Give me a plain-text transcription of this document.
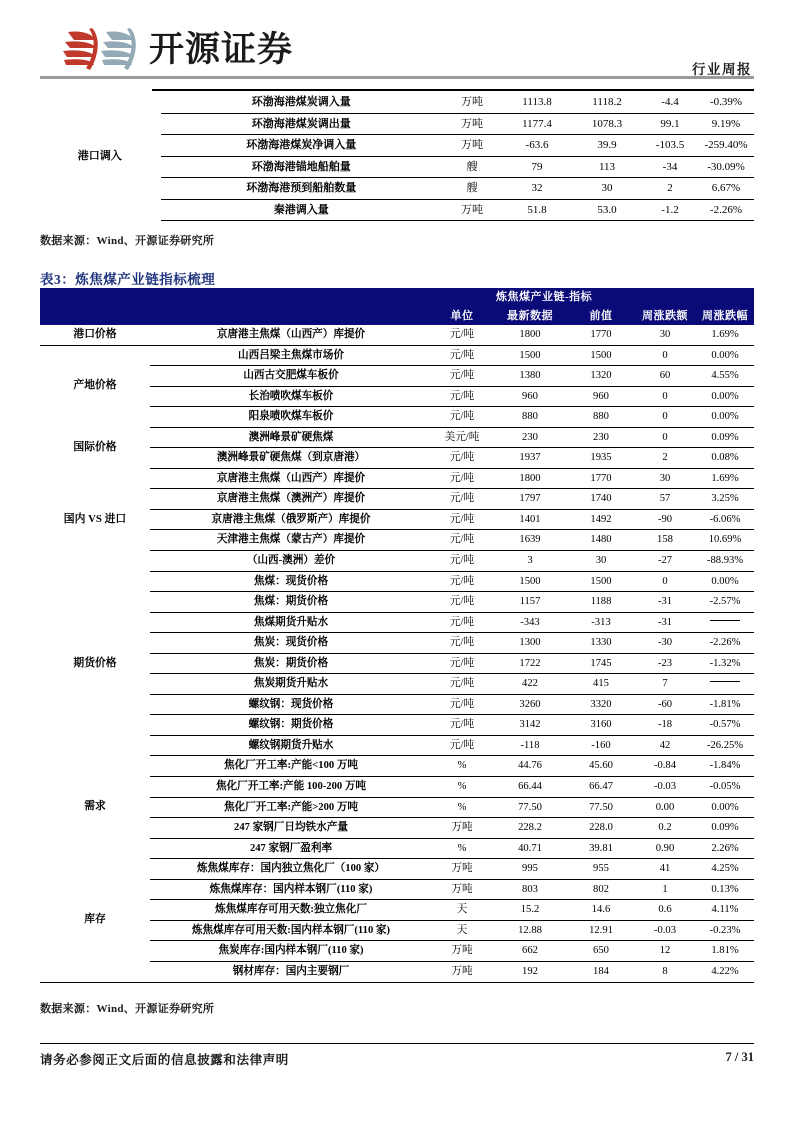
开源证券	行业周报
港口调入	环渤海港煤炭调入量	万吨	1113.8	1118.2	-4.4	-0.39%
	环渤海港煤炭调出量	万吨	1177.4	1078.3	99.1	9.19%
	环渤海港煤炭净调入量	万吨	-63.6	39.9	-103.5	-259.40%
	环渤海港锚地船舶量	艘	79	113	-34	-30.09%
	环渤海港预到船舶数量	艘	32	30	2	6.67%
	秦港调入量	万吨	51.8	53.0	-1.2	-2.26%
数据来源：Wind、开源证券研究所
表3：炼焦煤产业链指标梳理
			炼焦煤产业链-指标			
		单位	最新数据	前值	周涨跌额	周涨跌幅
港口价格	京唐港主焦煤（山西产）库提价	元/吨	1800	1770	30	1.69%
产地价格	山西吕梁主焦煤市场价	元/吨	1500	1500	0	0.00%
	山西古交肥煤车板价	元/吨	1380	1320	60	4.55%
	长治喷吹煤车板价	元/吨	960	960	0	0.00%
	阳泉喷吹煤车板价	元/吨	880	880	0	0.00%
国际价格	澳洲峰景矿硬焦煤	美元/吨	230	230	0	0.09%
	澳洲峰景矿硬焦煤（到京唐港）	元/吨	1937	1935	2	0.08%
国内 VS 进口	京唐港主焦煤（山西产）库提价	元/吨	1800	1770	30	1.69%
	京唐港主焦煤（澳洲产）库提价	元/吨	1797	1740	57	3.25%
	京唐港主焦煤（俄罗斯产）库提价	元/吨	1401	1492	-90	-6.06%
	天津港主焦煤（蒙古产）库提价	元/吨	1639	1480	158	10.69%
	（山西-澳洲）差价	元/吨	3	30	-27	-88.93%
期货价格	焦煤：现货价格	元/吨	1500	1500	0	0.00%
	焦煤：期货价格	元/吨	1157	1188	-31	-2.57%
	焦煤期货升贴水	元/吨	-343	-313	-31	
	焦炭：现货价格	元/吨	1300	1330	-30	-2.26%
	焦炭：期货价格	元/吨	1722	1745	-23	-1.32%
	焦炭期货升贴水	元/吨	422	415	7	
	螺纹钢：现货价格	元/吨	3260	3320	-60	-1.81%
	螺纹钢：期货价格	元/吨	3142	3160	-18	-0.57%
	螺纹钢期货升贴水	元/吨	-118	-160	42	-26.25%
需求	焦化厂开工率:产能<100 万吨	%	44.76	45.60	-0.84	-1.84%
	焦化厂开工率:产能 100-200 万吨	%	66.44	66.47	-0.03	-0.05%
	焦化厂开工率:产能>200 万吨	%	77.50	77.50	0.00	0.00%
	247 家钢厂日均铁水产量	万吨	228.2	228.0	0.2	0.09%
	247 家钢厂盈利率	%	40.71	39.81	0.90	2.26%
库存	炼焦煤库存：国内独立焦化厂（100 家）	万吨	995	955	41	4.25%
	炼焦煤库存：国内样本钢厂(110 家)	万吨	803	802	1	0.13%
	炼焦煤库存可用天数:独立焦化厂	天	15.2	14.6	0.6	4.11%
	炼焦煤库存可用天数:国内样本钢厂(110 家)	天	12.88	12.91	-0.03	-0.23%
	焦炭库存:国内样本钢厂(110 家)	万吨	662	650	12	1.81%
	钢材库存：国内主要钢厂	万吨	192	184	8	4.22%
数据来源：Wind、开源证券研究所
请务必参阅正文后面的信息披露和法律声明	7 / 31
